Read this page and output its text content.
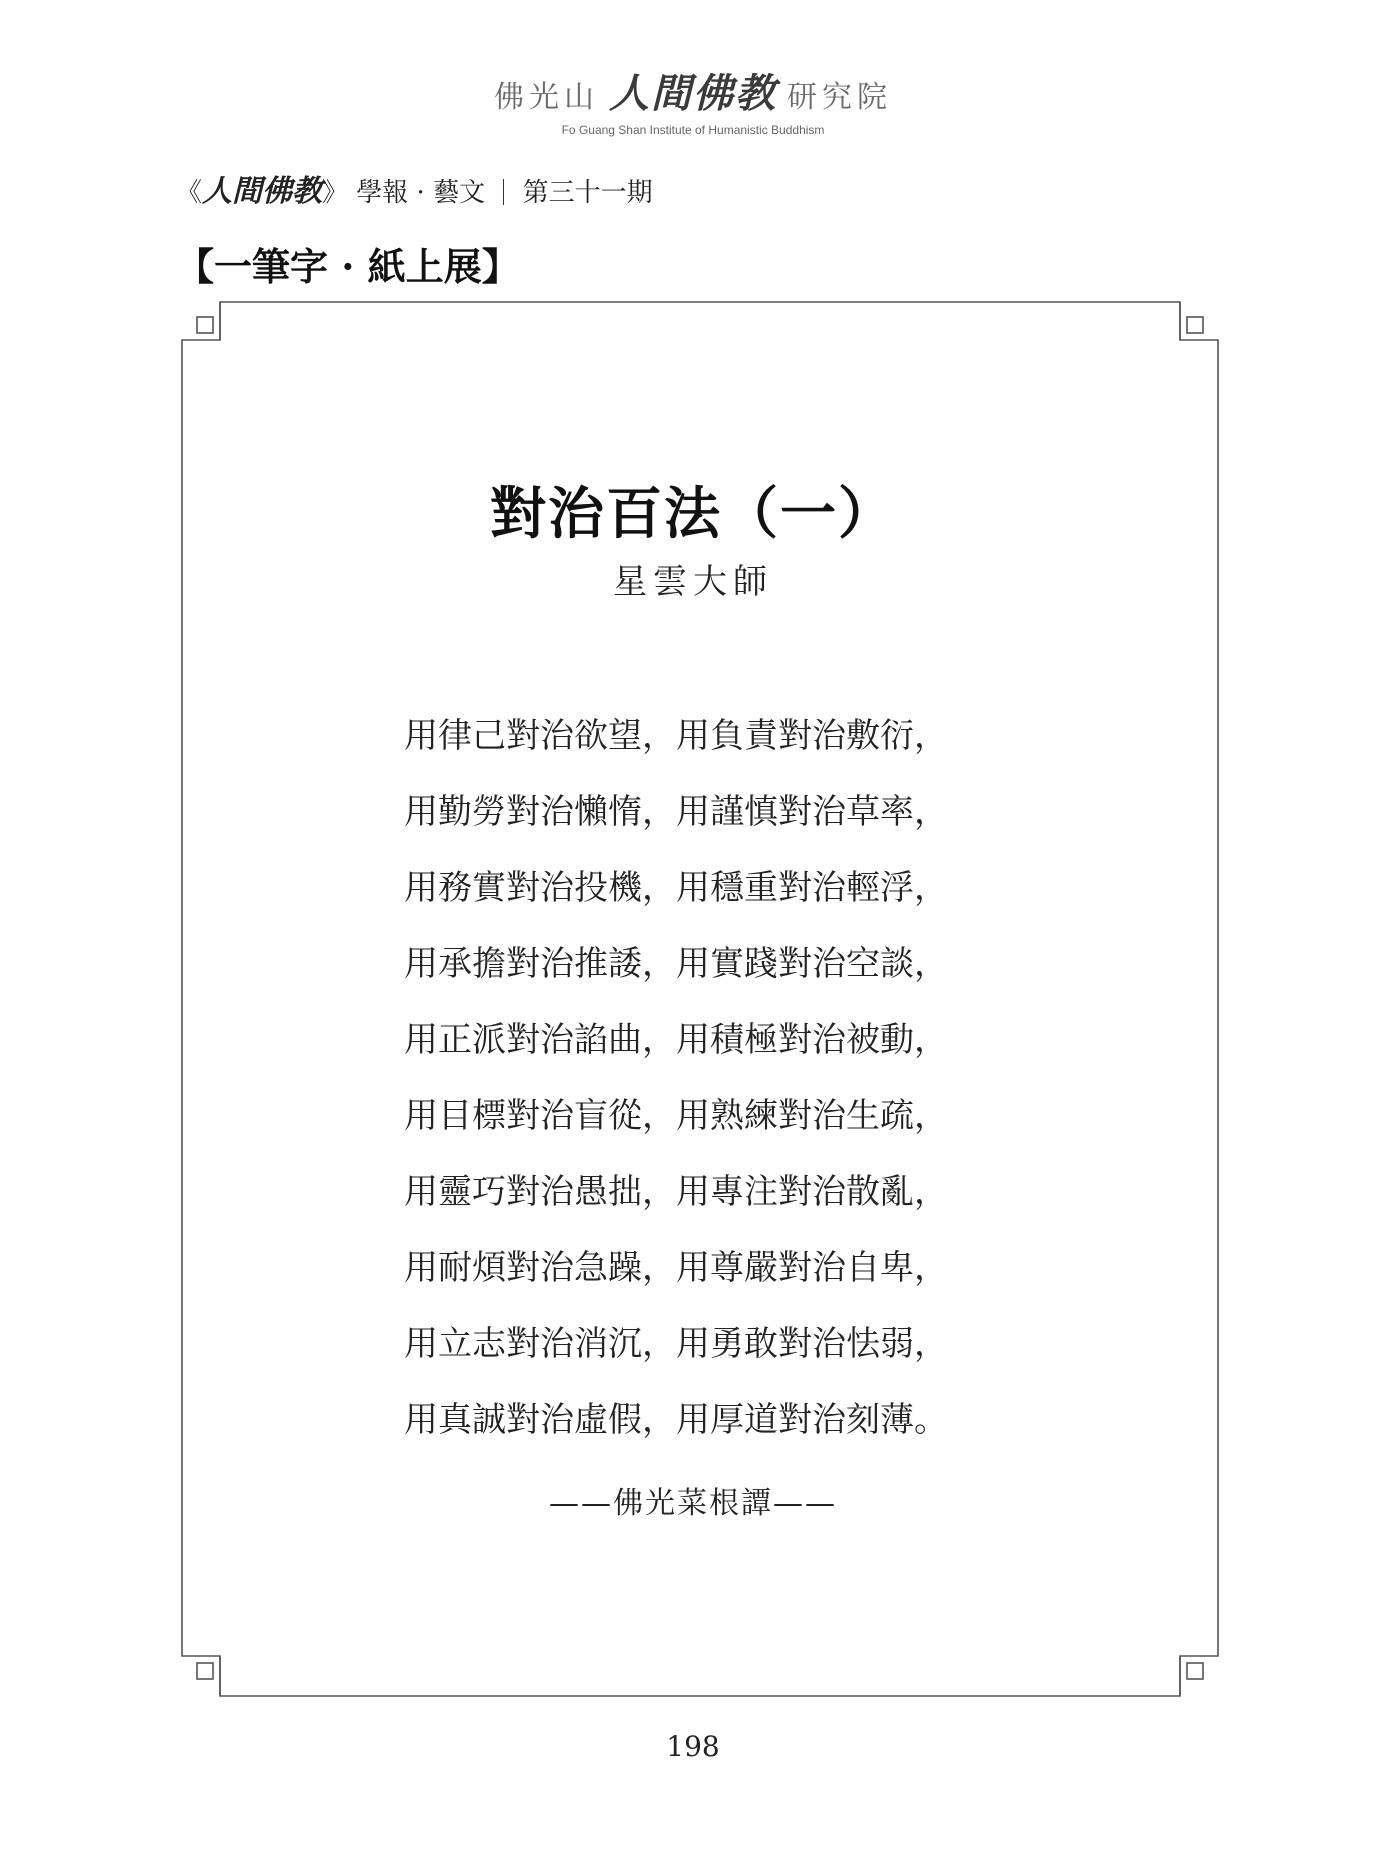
佛光山 人間佛教 研究院
Fo Guang Shan Institute of Humanistic Buddhism
《人間佛教》 學報 · 藝文 第三十一期
【一筆字 · 紙上展】
對治百法（一）
星雲大師
用律己對治欲望，用負責對治敷衍，
用勤勞對治懶惰，用謹慎對治草率，
用務實對治投機，用穩重對治輕浮，
用承擔對治推諉，用實踐對治空談，
用正派對治諂曲，用積極對治被動，
用目標對治盲從，用熟練對治生疏，
用靈巧對治愚拙，用專注對治散亂，
用耐煩對治急躁，用尊嚴對治自卑，
用立志對治消沉，用勇敢對治怯弱，
用真誠對治虛假，用厚道對治刻薄。
——佛光菜根譚——
198
